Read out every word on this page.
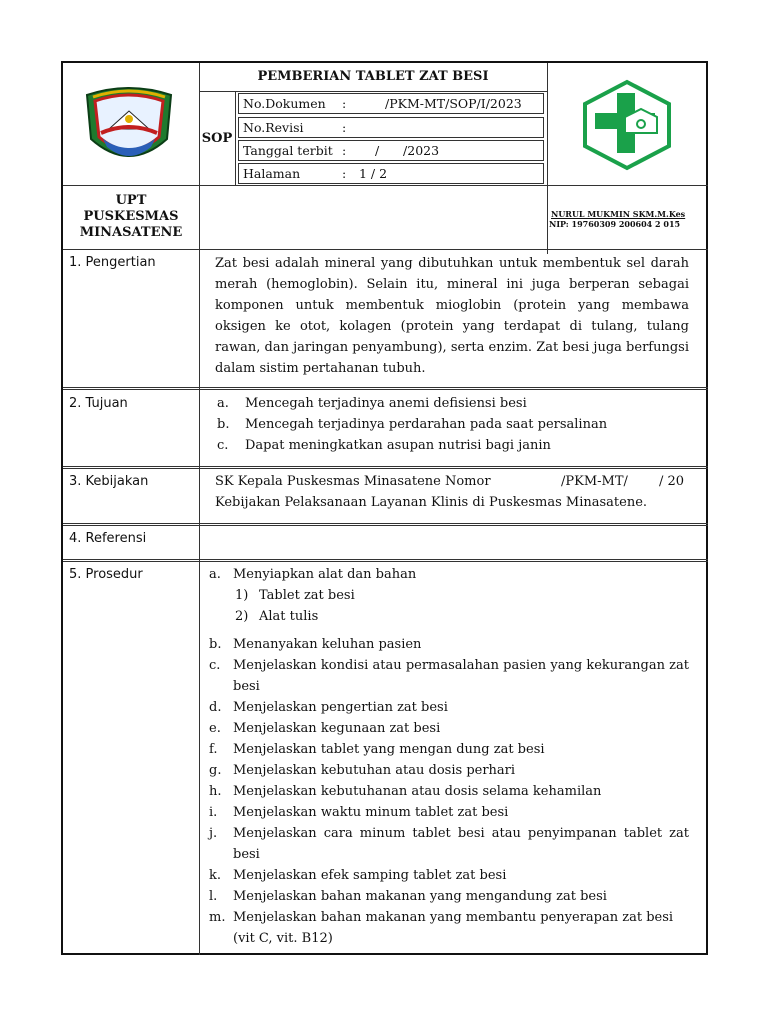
PEMBERIAN TABLET ZAT BESI
SOP
No.Dokumen :	/PKM-MT/SOP/I/2023
No.Revisi	:
Tanggal terbit : /      /2023
Halaman	: 1 / 2
UPT
PUSKESMAS
MINASATENE
NURUL MUKMIN SKM.M.Kes
NIP: 19760309 200604 2 015
1. Pengertian	Zat besi adalah mineral yang dibutuhkan untuk membentuk sel darah merah (hemoglobin). Selain itu, mineral ini juga berperan sebagai komponen untuk membentuk mioglobin (protein yang membawa oksigen ke otot, kolagen (protein yang terdapat di tulang, tulang rawan, dan jaringan penyambung), serta enzim. Zat besi juga berfungsi dalam sistim pertahanan tubuh.
2. Tujuan	a. Mencegah terjadinya anemi defisiensi besi
b. Mencegah terjadinya perdarahan pada saat persalinan
c. Dapat meningkatkan asupan nutrisi bagi janin
3. Kebijakan	SK Kepala Puskesmas Minasatene Nomor	/PKM-MT/ / 20
Kebijakan Pelaksanaan Layanan Klinis di Puskesmas Minasatene.
4. Referensi
5. Prosedur	a. Menyiapkan alat dan bahan
1) Tablet zat besi
2) Alat tulis
b. Menanyakan keluhan pasien
c. Menjelaskan kondisi atau permasalahan pasien yang kekurangan zat besi
d. Menjelaskan pengertian zat besi
e. Menjelaskan kegunaan zat besi
f. Menjelaskan tablet yang mengan dung zat besi
g. Menjelaskan kebutuhan atau dosis perhari
h. Menjelaskan kebutuhanan atau dosis selama kehamilan
i. Menjelaskan waktu minum tablet zat besi
j. Menjelaskan cara minum tablet besi atau penyimpanan tablet zat besi
k. Menjelaskan efek samping tablet zat besi
l. Menjelaskan bahan makanan yang mengandung zat besi
m. Menjelaskan bahan makanan yang membantu penyerapan zat besi (vit C, vit. B12)
